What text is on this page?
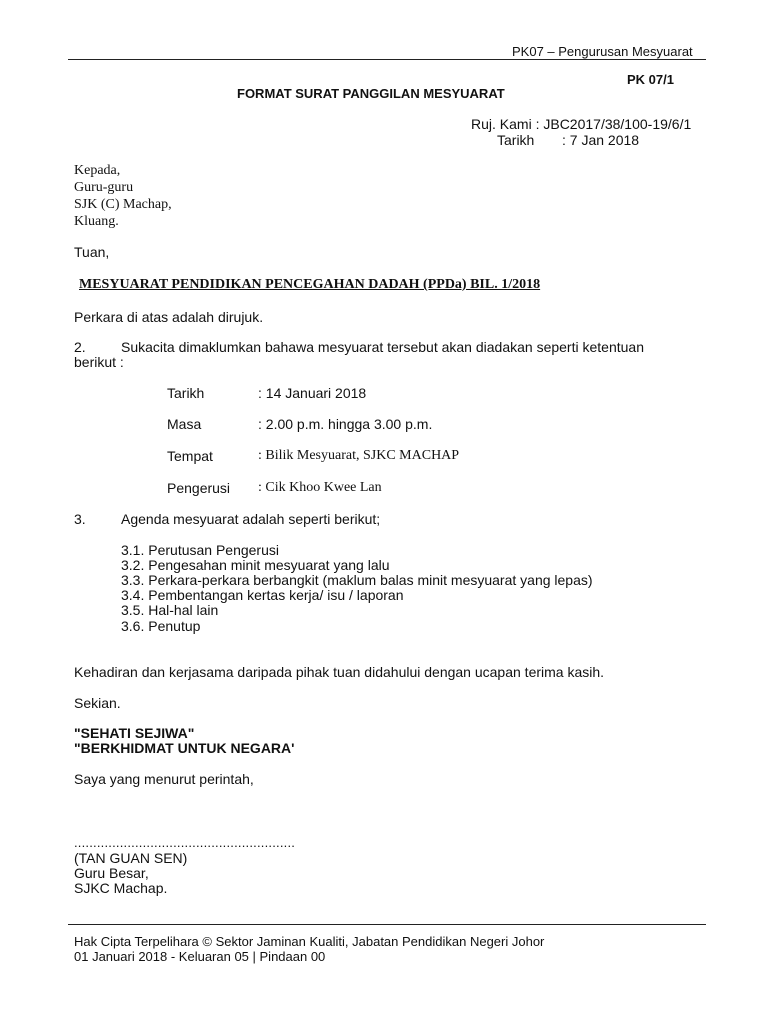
PK07 – Pengurusan Mesyuarat
PK 07/1
FORMAT SURAT PANGGILAN MESYUARAT
Ruj. Kami : JBC2017/38/100-19/6/1
Tarikh : 7 Jan 2018
Kepada,
Guru-guru
SJK (C) Machap,
Kluang.
Tuan,
MESYUARAT PENDIDIKAN PENCEGAHAN DADAH (PPDa) BIL. 1/2018
Perkara di atas adalah dirujuk.
2.	Sukacita dimaklumkan bahawa mesyuarat tersebut akan diadakan seperti ketentuan
berikut :
Tarikh	: 14 Januari 2018
Masa	: 2.00 p.m. hingga 3.00 p.m.
Tempat	: Bilik Mesyuarat, SJKC MACHAP
Pengerusi : Cik Khoo Kwee Lan
3.	Agenda mesyuarat adalah seperti berikut;
3.1. Perutusan Pengerusi
3.2. Pengesahan minit mesyuarat yang lalu
3.3. Perkara-perkara berbangkit (maklum balas minit mesyuarat yang lepas)
3.4. Pembentangan kertas kerja/ isu / laporan
3.5. Hal-hal lain
3.6. Penutup
Kehadiran dan kerjasama daripada pihak tuan didahului dengan ucapan terima kasih.
Sekian.
"SEHATI SEJIWA"
"BERKHIDMAT UNTUK NEGARA'
Saya yang menurut perintah,
..........................................................
(TAN GUAN SEN)
Guru Besar,
SJKC Machap.
Hak Cipta Terpelihara © Sektor Jaminan Kualiti, Jabatan Pendidikan Negeri Johor
01 Januari 2018 - Keluaran 05 | Pindaan 00
